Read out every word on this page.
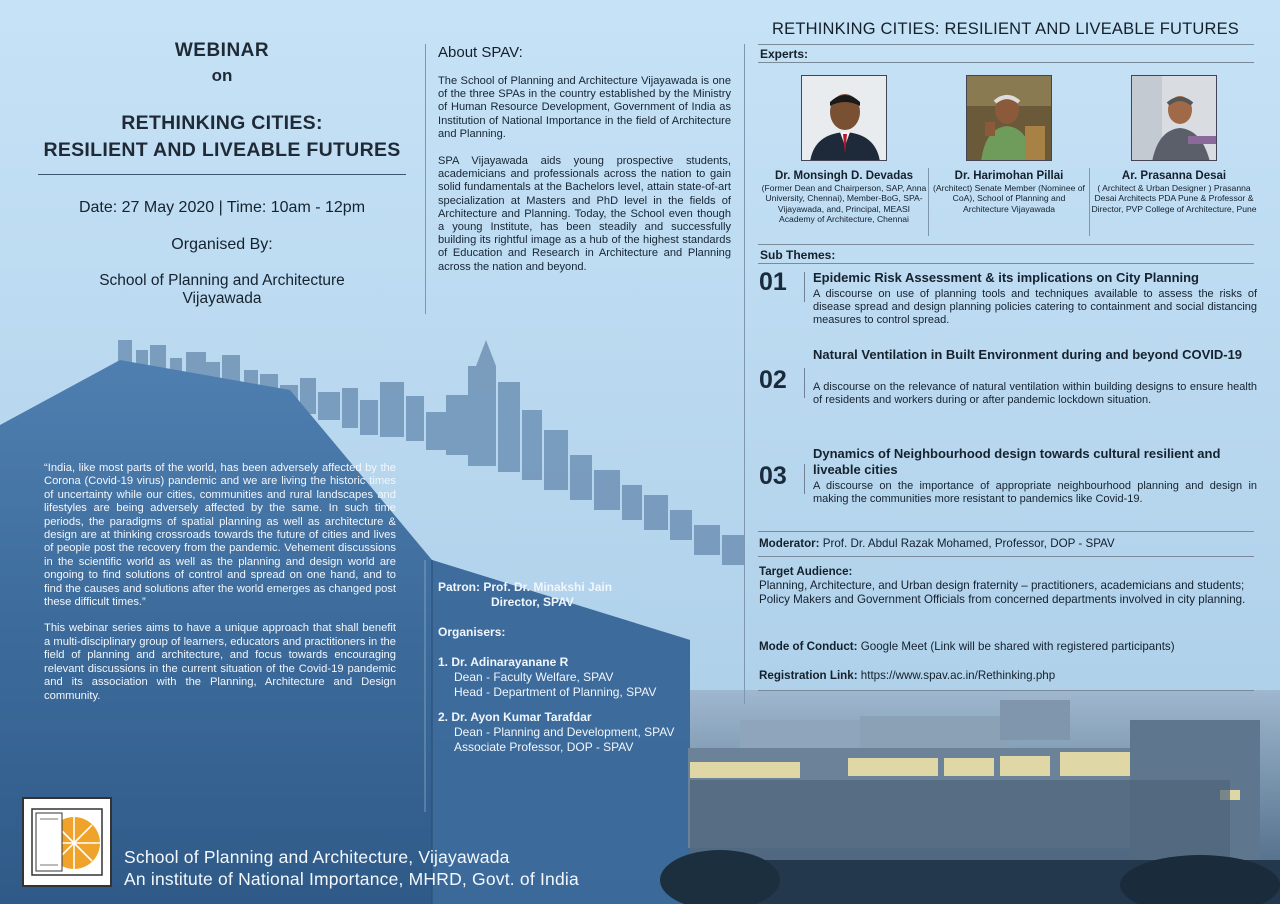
WEBINAR
on
RETHINKING CITIES:
RESILIENT AND LIVEABLE FUTURES
Date: 27 May 2020 | Time: 10am - 12pm
Organised By:
School of Planning and Architecture
Vijayawada
About SPAV:

The School of Planning and Architecture Vijayawada is one of the three SPAs in the country established by the Ministry of Human Resource Development, Government of India as Institution of National Importance in the field of Architecture and Planning.

SPA Vijayawada aids young prospective students, academicians and professionals across the nation to gain solid fundamentals at the Bachelors level, attain state-of-art specialization at Masters and PhD level in the fields of Architecture and Planning. Today, the School even though a young Institute, has been steadily and successfully building its rightful image as a hub of the highest standards of Education and Research in Architecture and Planning across the nation and beyond.

“India, like most parts of the world, has been adversely affected by the Corona (Covid-19 virus) pandemic and we are living the historic times of uncertainty while our cities, communities and rural landscapes and lifestyles are being adversely affected by the same. In such time periods, the paradigms of spatial planning as well as architecture & design are at thinking crossroads towards the future of cities and lives of people post the recovery from the pandemic. Vehement discussions in the scientific world as well as the planning and design world are ongoing to find solutions of control and spread on one hand, and to find the causes and solutions after the world emerges as changed post these difficult times.”

This webinar series aims to have a unique approach that shall benefit a multi-disciplinary group of learners, educators and practitioners in the field of planning and architecture, and focus towards encouraging relevant discussions in the current situation of the Covid-19 pandemic and its association with the Planning, Architecture and Design community.

Patron: Prof. Dr. Minakshi Jain
Director, SPAV
Organisers:
1. Dr. Adinarayanane R
Dean - Faculty Welfare, SPAV
Head - Department of Planning, SPAV
2. Dr. Ayon Kumar Tarafdar
Dean - Planning and Development, SPAV
Associate Professor, DOP - SPAV
School of Planning and Architecture, Vijayawada
An institute of National Importance, MHRD, Govt. of India
RETHINKING CITIES: RESILIENT AND LIVEABLE FUTURES
Experts:
Dr. Monsingh D. Devadas
(Former Dean and Chairperson, SAP, Anna University, Chennai), Member-BoG, SPA- Vijayawada, and, Principal, MEASI Academy of Architecture, Chennai
Dr. Harimohan Pillai
(Architect) Senate Member (Nominee of CoA), School of Planning and Architecture Vijayawada
Ar. Prasanna Desai
( Architect & Urban Designer ) Prasanna Desai Architects PDA Pune & Professor & Director, PVP College of Architecture, Pune
Sub Themes:
01 Epidemic Risk Assessment & its implications on City Planning
A discourse on use of planning tools and techniques available to assess the risks of disease spread and design planning policies catering to containment and social distancing measures to control spread.
02
Natural Ventilation in Built Environment during and beyond COVID-19
A discourse on the relevance of natural ventilation within building designs to ensure health of residents and workers during or after pandemic lockdown situation.
03
Dynamics of Neighbourhood design towards cultural resilient and liveable cities
A discourse on the importance of appropriate neighbourhood planning and design in making the communities more resistant to pandemics like Covid-19.
Moderator: Prof. Dr. Abdul Razak Mohamed, Professor, DOP - SPAV
Target Audience:
Planning, Architecture, and Urban design fraternity – practitioners, academicians and students; Policy Makers and Government Officials from concerned departments involved in city planning.
Mode of Conduct: Google Meet (Link will be shared with registered participants)
Registration Link: https://www.spav.ac.in/Rethinking.php
